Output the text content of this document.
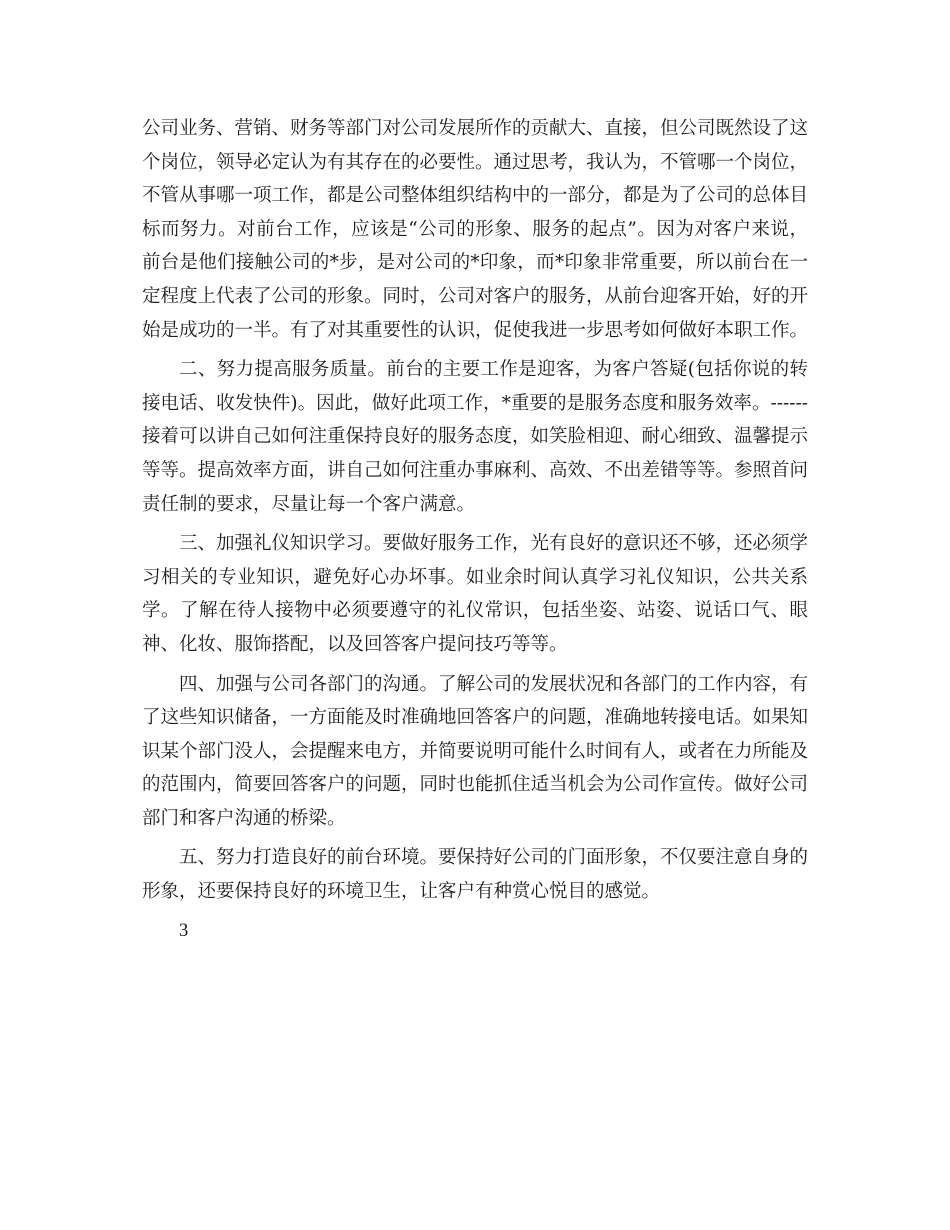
公司业务、营销、财务等部门对公司发展所作的贡献大、直接，但公司既然设了这个岗位，领导必定认为有其存在的必要性。通过思考，我认为，不管哪一个岗位，不管从事哪一项工作，都是公司整体组织结构中的一部分，都是为了公司的总体目标而努力。对前台工作，应该是“公司的形象、服务的起点”。因为对客户来说，前台是他们接触公司的*步，是对公司的*印象，而*印象非常重要，所以前台在一定程度上代表了公司的形象。同时，公司对客户的服务，从前台迎客开始，好的开始是成功的一半。有了对其重要性的认识，促使我进一步思考如何做好本职工作。

二、努力提高服务质量。前台的主要工作是迎客，为客户答疑(包括你说的转接电话、收发快件)。因此，做好此项工作，*重要的是服务态度和服务效率。------接着可以讲自己如何注重保持良好的服务态度，如笑脸相迎、耐心细致、温馨提示等等。提高效率方面，讲自己如何注重办事麻利、高效、不出差错等等。参照首问责任制的要求，尽量让每一个客户满意。

三、加强礼仪知识学习。要做好服务工作，光有良好的意识还不够，还必须学习相关的专业知识，避免好心办坏事。如业余时间认真学习礼仪知识，公共关系学。了解在待人接物中必须要遵守的礼仪常识，包括坐姿、站姿、说话口气、眼神、化妆、服饰搭配，以及回答客户提问技巧等等。

四、加强与公司各部门的沟通。了解公司的发展状况和各部门的工作内容，有了这些知识储备，一方面能及时准确地回答客户的问题，准确地转接电话。如果知识某个部门没人，会提醒来电方，并简要说明可能什么时间有人，或者在力所能及的范围内，简要回答客户的问题，同时也能抓住适当机会为公司作宣传。做好公司部门和客户沟通的桥梁。

五、努力打造良好的前台环境。要保持好公司的门面形象，不仅要注意自身的形象，还要保持良好的环境卫生，让客户有种赏心悦目的感觉。

3
